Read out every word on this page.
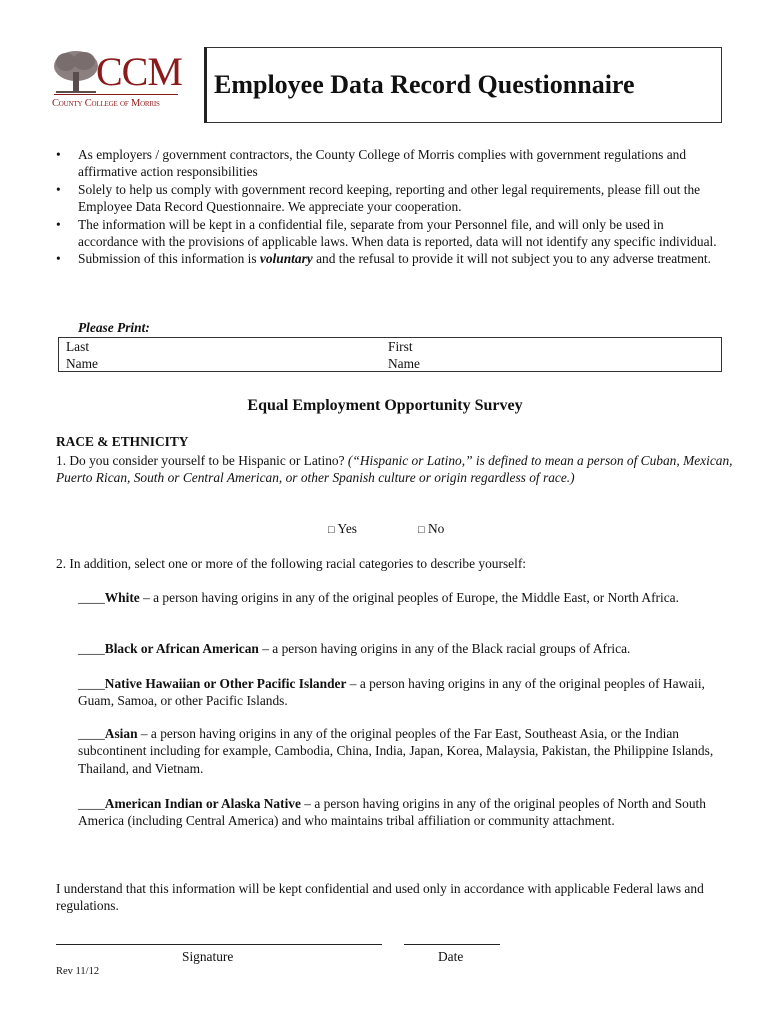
CCM
County College of Morris
Employee Data Record Questionnaire
• As employers / government contractors, the County College of Morris complies with government regulations and affirmative action responsibilities
• Solely to help us comply with government record keeping, reporting and other legal requirements, please fill out the Employee Data Record Questionnaire. We appreciate your cooperation.
• The information will be kept in a confidential file, separate from your Personnel file, and will only be used in accordance with the provisions of applicable laws. When data is reported, data will not identify any specific individual.
• Submission of this information is voluntary and the refusal to provide it will not subject you to any adverse treatment.
Please Print:
Last
Name
First
Name
Equal Employment Opportunity Survey
RACE & ETHNICITY
1. Do you consider yourself to be Hispanic or Latino? (“Hispanic or Latino,” is defined to mean a person of Cuban, Mexican, Puerto Rican, South or Central American, or other Spanish culture or origin regardless of race.)
□ Yes	□ No
2. In addition, select one or more of the following racial categories to describe yourself:
____White – a person having origins in any of the original peoples of Europe, the Middle East, or North Africa.
____Black or African American – a person having origins in any of the Black racial groups of Africa.
____Native Hawaiian or Other Pacific Islander – a person having origins in any of the original peoples of Hawaii, Guam, Samoa, or other Pacific Islands.
____Asian – a person having origins in any of the original peoples of the Far East, Southeast Asia, or the Indian subcontinent including for example, Cambodia, China, India, Japan, Korea, Malaysia, Pakistan, the Philippine Islands, Thailand, and Vietnam.
____American Indian or Alaska Native – a person having origins in any of the original peoples of North and South America (including Central America) and who maintains tribal affiliation or community attachment.
I understand that this information will be kept confidential and used only in accordance with applicable Federal laws and regulations.
Signature	Date
Rev 11/12
